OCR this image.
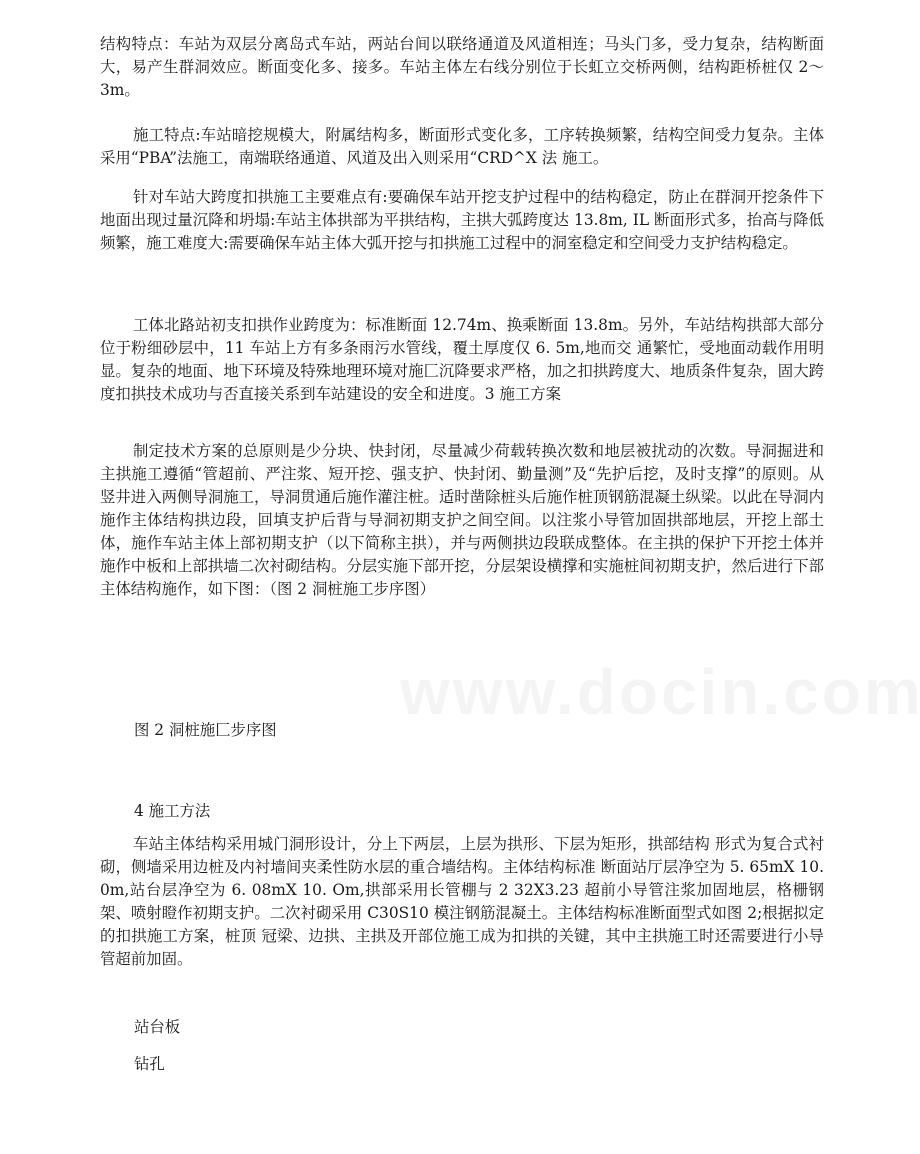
结构特点：车站为双层分离岛式车站，两站台间以联络通道及风道相连；马头门多，受力复杂，结构断面大，易产生群洞效应。断面变化多、接多。车站主体左右线分别位于长虹立交桥两侧，结构距桥桩仅 2〜3m。

施工特点:车站暗挖规模大，附属结构多，断面形式变化多，工序转换频繁，结构空间受力复杂。主体采用“PBA”法施工，南端联络通道、风道及出入则采用“CRD^X 法 施工。

针对车站大跨度扣拱施工主要难点有:要确保车站开挖支护过程中的结构稳定，防止在群洞开挖条件下地面出现过量沉降和坍塌:车站主体拱部为平拱结构，主拱大弧跨度达 13.8m, IL 断面形式多，抬高与降低频繁，施工难度大:需要确保车站主体大弧开挖与扣拱施工过程中的洞室稳定和空间受力支护结构稳定。

工体北路站初支扣拱作业跨度为：标准断面 12.74m、换乘断面 13.8m。另外，车站结构拱部大部分位于粉细砂层中，11 车站上方有多条雨污水管线，覆土厚度仅 6. 5m,地而交 通繁忙，受地面动载作用明显。复杂的地面、地下环境及特殊地理环境对施匚沉降要求严格，加之扣拱跨度大、地质条件复杂，固大跨度扣拱技术成功与否直接关系到车站建设的安全和进度。3 施工方案

制定技术方案的总原则是少分块、快封闭，尽量减少荷载转换次数和地层被扰动的次数。导洞掘进和主拱施工遵循“管超前、严注浆、短开挖、强支护、快封闭、勤量测”及“先护后挖，及时支撑”的原则。从竖井进入两侧导洞施工，导洞贯通后施作灌注桩。适时凿除桩头后施作桩顶钢筋混凝土纵梁。以此在导洞内施作主体结构拱边段，回填支护后背与导洞初期支护之间空间。以注浆小导管加固拱部地层，开挖上部土体，施作车站主体上部初期支护（以下简称主拱），并与两侧拱边段联成整体。在主拱的保护下开挖土体并施作中板和上部拱墙二次衬砌结构。分层实施下部开挖，分层架设横撑和实施桩间初期支护，然后进行下部主体结构施作，如下图：（图 2 洞桩施工步序图）

图 2 洞桩施匚步序图

4 施工方法

车站主体结构采用城门洞形设计，分上下两层，上层为拱形、下层为矩形，拱部结构 形式为复合式衬砌，侧墙采用边桩及内衬墙间夹柔性防水层的重合墙结构。主体结构标准 断面站厅层净空为 5. 65mX 10. 0m,站台层净空为 6. 08mX 10. Om,拱部采用长管棚与 2 32X3.23 超前小导管注浆加固地层，格栅钢架、喷射瞪作初期支护。二次衬砌采用 C30S10 模注钢筋混凝土。主体结构标准断面型式如图 2;根据拟定的扣拱施工方案，桩顶 冠梁、边拱、主拱及开部位施工成为扣拱的关键，其中主拱施工时还需要进行小导管超前加固。

站台板

钻孔
